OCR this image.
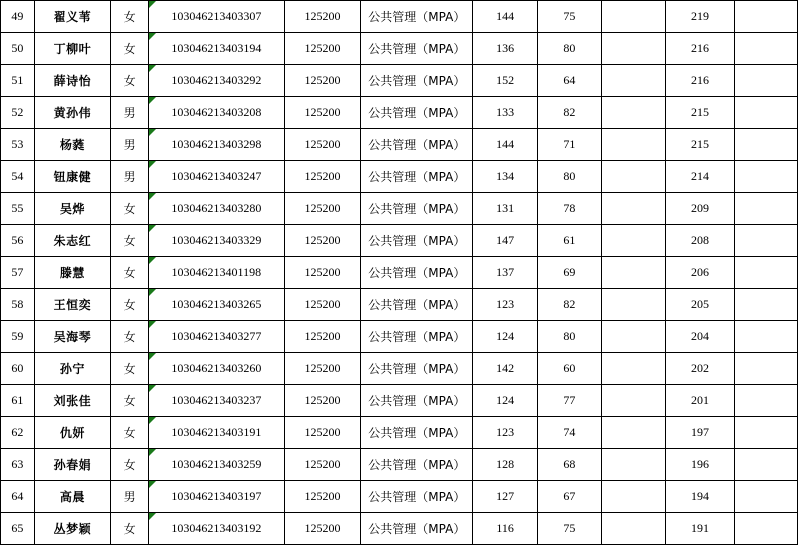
49	翟义苇	女	103046213403307	125200	公共管理（MPA）	144	75		219	
50	丁柳叶	女	103046213403194	125200	公共管理（MPA）	136	80		216	
51	薛诗怡	女	103046213403292	125200	公共管理（MPA）	152	64		216	
52	黄孙伟	男	103046213403208	125200	公共管理（MPA）	133	82		215	
53	杨蕤	男	103046213403298	125200	公共管理（MPA）	144	71		215	
54	钮康健	男	103046213403247	125200	公共管理（MPA）	134	80		214	
55	吴烨	女	103046213403280	125200	公共管理（MPA）	131	78		209	
56	朱志红	女	103046213403329	125200	公共管理（MPA）	147	61		208	
57	滕慧	女	103046213401198	125200	公共管理（MPA）	137	69		206	
58	王恒奕	女	103046213403265	125200	公共管理（MPA）	123	82		205	
59	吴海琴	女	103046213403277	125200	公共管理（MPA）	124	80		204	
60	孙宁	女	103046213403260	125200	公共管理（MPA）	142	60		202	
61	刘张佳	女	103046213403237	125200	公共管理（MPA）	124	77		201	
62	仇妍	女	103046213403191	125200	公共管理（MPA）	123	74		197	
63	孙春娟	女	103046213403259	125200	公共管理（MPA）	128	68		196	
64	高晨	男	103046213403197	125200	公共管理（MPA）	127	67		194	
65	丛梦颖	女	103046213403192	125200	公共管理（MPA）	116	75		191	
